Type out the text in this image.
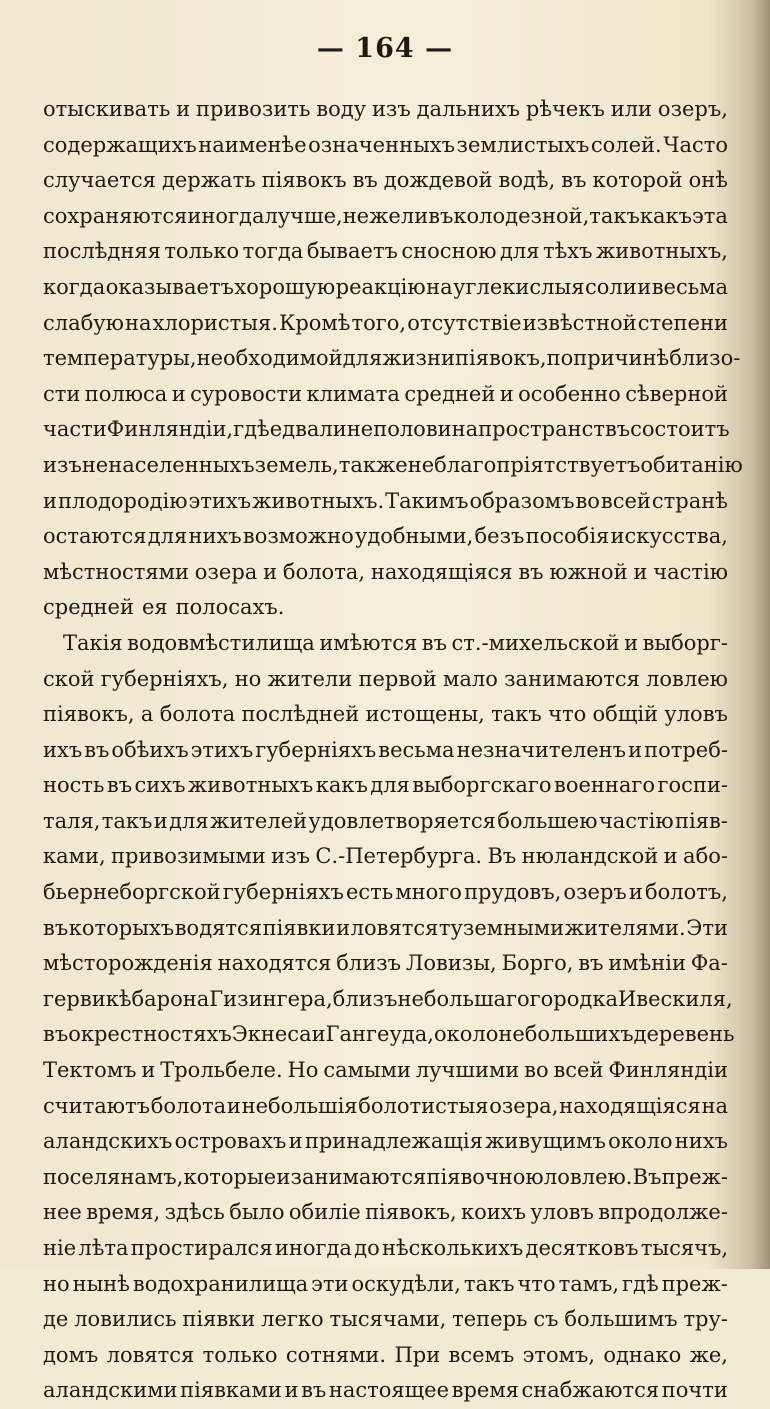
— 164 —
отыскивать и привозить воду изъ дальнихъ рѣчекъ или озеръ,
содержащихъ наименѣе означенныхъ землистыхъ солей. Часто
случается держать піявокъ въ дождевой водѣ, въ которой онѣ
сохраняются иногда лучше, нежели въ колодезной, такъ какъ эта
послѣдняя только тогда бываетъ сносною для тѣхъ животныхъ,
когда оказываетъ хорошую реакцію на углекислыя соли и весьма
слабую на хлористыя. Кромѣ того, отсутствіе извѣстной степени
температуры, необходимой для жизни піявокъ, по причинѣ близо-
сти полюса и суровости климата средней и особенно сѣверной
части Финляндіи, гдѣ едва ли не половина пространствъ состоитъ
изъ ненаселенныхъ земель, также не благопріятствуетъ обитанію
и плодородію этихъ животныхъ. Такимъ образомъ во всей странѣ
остаются для нихъ возможно удобными, безъ пособія искусства,
мѣстностями озера и болота, находящіяся въ южной и частію
средней ея полосахъ.
Такія водовмѣстилища имѣются въ ст.-михельской и выборг-
ской губерніяхъ, но жители первой мало занимаются ловлею
піявокъ, а болота послѣдней истощены, такъ что общій уловъ
ихъ въ обѣихъ этихъ губерніяхъ весьма незначителенъ и потреб-
ность въ сихъ животныхъ какъ для выборгскаго военнаго госпи-
таля, такъ и для жителей удовлетворяется большею частію піяв-
ками, привозимыми изъ С.-Петербурга. Въ нюландской и або-
бьернеборгской губерніяхъ есть много прудовъ, озеръ и болотъ,
въ которыхъ водятся піявки и ловятся туземными жителями. Эти
мѣсторожденія находятся близъ Ловизы, Борго, въ имѣніи Фа-
гервикѣ барона Гизингера, близъ небольшаго городка Ивескиля,
въ окрестностяхъ Экнеса и Гангеуда, около небольшихъ деревень
Тектомъ и Трольбеле. Но самыми лучшими во всей Финляндіи
считаютъ болота и небольшія болотистыя озера, находящіяся на
аландскихъ островахъ и принадлежащія живущимъ около нихъ
поселянамъ, которые и занимаются піявочною ловлею. Въ преж-
нее время, здѣсь было обиліе піявокъ, коихъ уловъ впродолже-
ніе лѣта простирался иногда до нѣсколькихъ десятковъ тысячъ,
но нынѣ водохранилища эти оскудѣли, такъ что тамъ, гдѣ преж-
де ловились піявки легко тысячами, теперь съ большимъ тру-
домъ ловятся только сотнями. При всемъ этомъ, однако же,
аландскими піявками и въ настоящее время снабжаются почти
